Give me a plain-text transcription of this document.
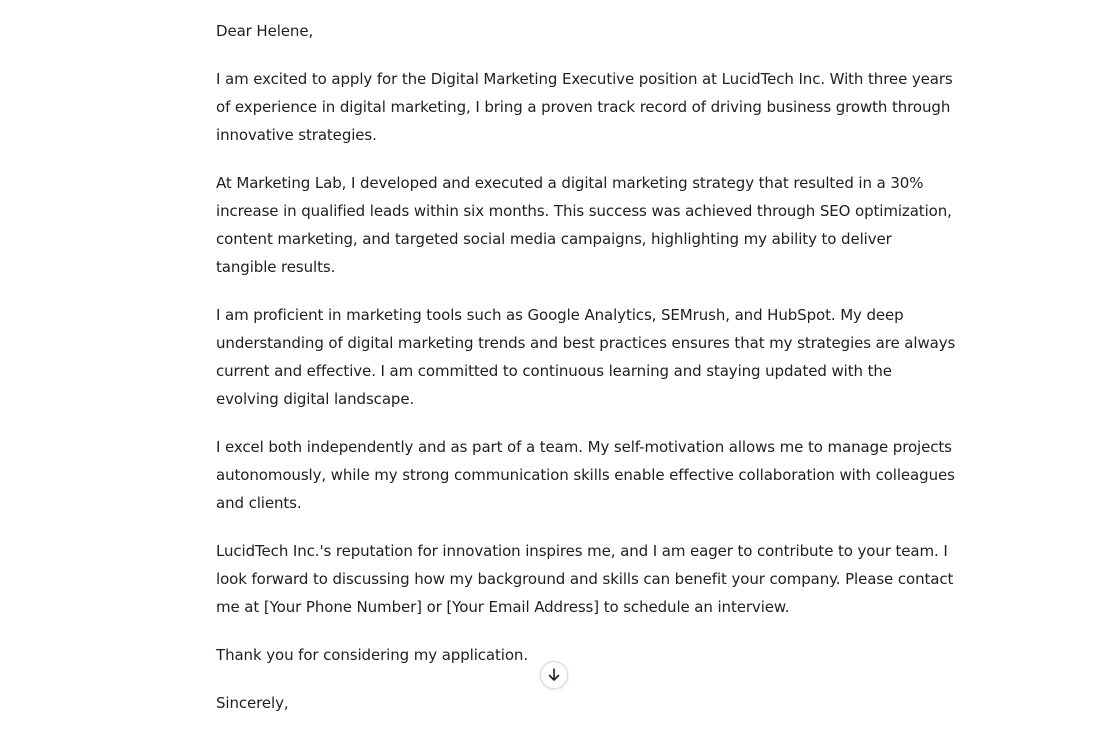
Dear Helene,

I am excited to apply for the Digital Marketing Executive position at LucidTech Inc. With three years of experience in digital marketing, I bring a proven track record of driving business growth through innovative strategies.

At Marketing Lab, I developed and executed a digital marketing strategy that resulted in a 30% increase in qualified leads within six months. This success was achieved through SEO optimization, content marketing, and targeted social media campaigns, highlighting my ability to deliver tangible results.

I am proficient in marketing tools such as Google Analytics, SEMrush, and HubSpot. My deep understanding of digital marketing trends and best practices ensures that my strategies are always current and effective. I am committed to continuous learning and staying updated with the evolving digital landscape.

I excel both independently and as part of a team. My self-motivation allows me to manage projects autonomously, while my strong communication skills enable effective collaboration with colleagues and clients.

LucidTech Inc.'s reputation for innovation inspires me, and I am eager to contribute to your team. I look forward to discussing how my background and skills can benefit your company. Please contact me at [Your Phone Number] or [Your Email Address] to schedule an interview.

Thank you for considering my application.

Sincerely,
